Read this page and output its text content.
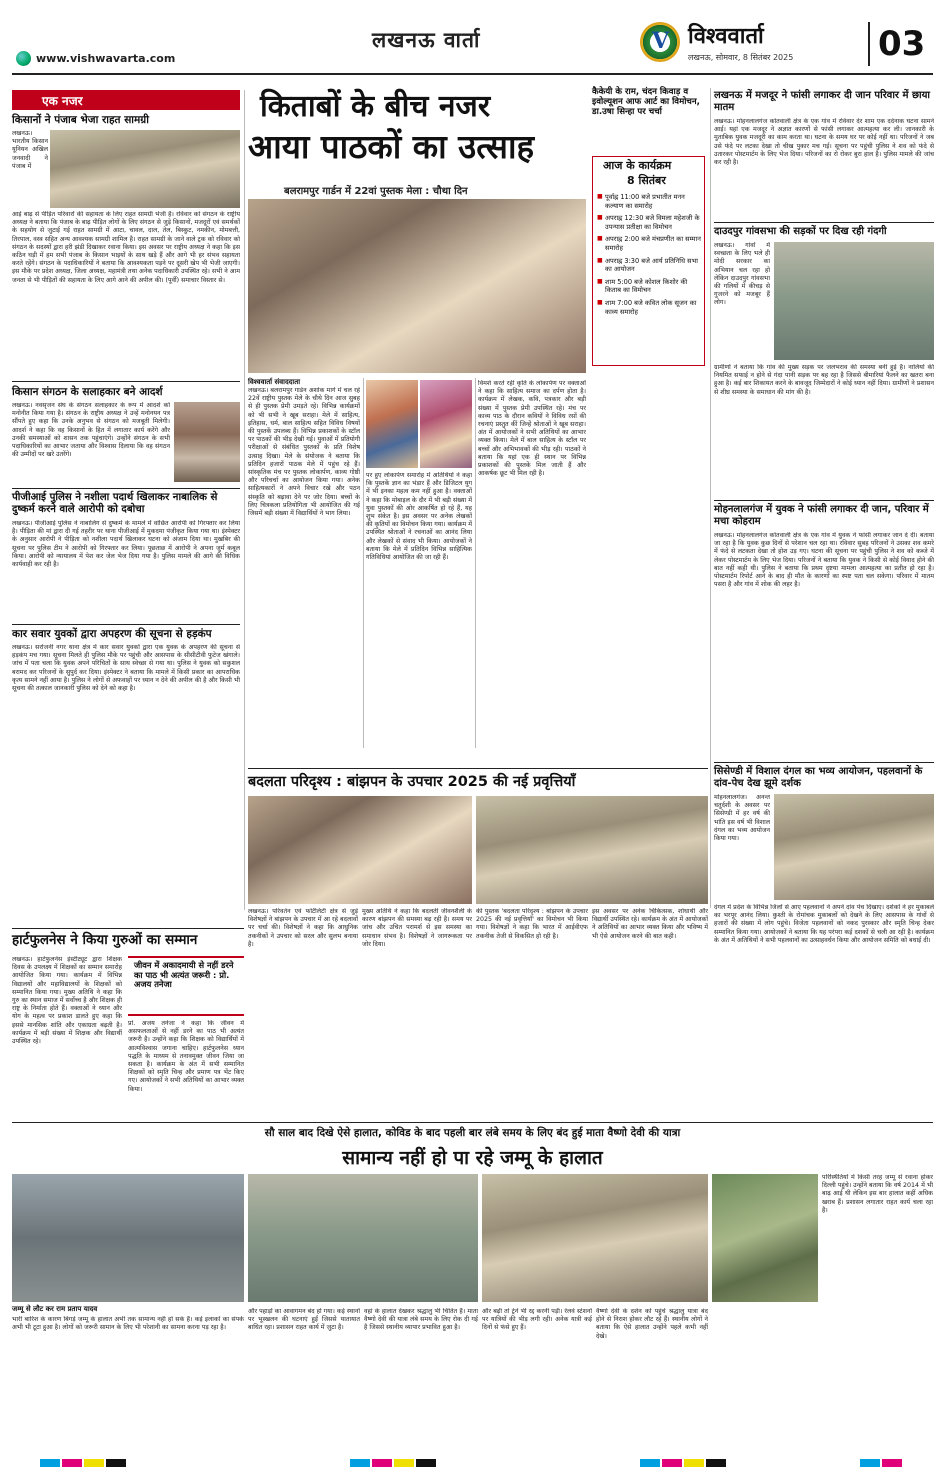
लखनऊ वार्ता
www.vishwavarta.com
V विश्ववार्ता
लखनऊ, सोमवार, 8 सितंबर 2025 03
एक नजर
किसानों ने पंजाब भेजा राहत सामग्री
लखनऊ। भारतीय किसान यूनियन अखिल जनवादी ने पंजाब में
आई बाढ़ से पीड़ित परिवारों की सहायता के लिए राहत सामग्री भेजी है। रविवार को संगठन के राष्ट्रीय अध्यक्ष ने बताया कि पंजाब के बाढ़ पीड़ित लोगों के लिए संगठन से जुड़े किसानों, मजदूरों एवं समर्थकों के सहयोग से जुटाई गई राहत सामग्री में आटा, चावल, दाल, तेल, बिस्कुट, नमकीन, मोमबत्ती, तिरपाल, वस्त्र सहित अन्य आवश्यक सामग्री शामिल है। राहत सामग्री के जाने वाले ट्रक को रविवार को संगठन के सदस्यों द्वारा हरी झंडी दिखाकर रवाना किया। इस अवसर पर राष्ट्रीय अध्यक्ष ने कहा कि इस कठिन घड़ी में हम सभी पंजाब के किसान भाइयों के साथ खड़े हैं और आगे भी हर संभव सहायता करते रहेंगे। संगठन के पदाधिकारियों ने बताया कि आवश्यकता पड़ने पर दूसरी खेप भी भेजी जाएगी। इस मौके पर प्रदेश अध्यक्ष, जिला अध्यक्ष, महामंत्री तथा अनेक पदाधिकारी उपस्थित रहे। सभी ने आम जनता से भी पीड़ितों की सहायता के लिए आगे आने की अपील की। (पूर्वी) समाचार विस्तार से।
किसान संगठन के सलाहकार बने आदर्श
लखनऊ। नवसृजन संघ के संगठन सलाहकार के रूप में आदर्श को मनोनीत किया गया है। संगठन के राष्ट्रीय अध्यक्ष ने उन्हें मनोनयन पत्र सौंपते हुए कहा कि उनके अनुभव से संगठन को मजबूती मिलेगी। आदर्श ने कहा कि वह किसानों के हित में लगातार कार्य करेंगे और उनकी समस्याओं को शासन तक पहुंचाएंगे। उन्होंने संगठन के सभी पदाधिकारियों का आभार जताया और विश्वास दिलाया कि वह संगठन की उम्मीदों पर खरे उतरेंगे।
पीजीआई पुलिस ने नशीला पदार्थ खिलाकर नाबालिक से दुष्कर्म करने वाले आरोपी को दबोचा
लखनऊ। पीजीआई पुलिस ने नाबालिग से दुष्कर्म के मामले में वांछित आरोपी को गिरफ्तार कर लिया है। पीड़िता की मां द्वारा दी गई तहरीर पर थाना पीजीआई में मुकदमा पंजीकृत किया गया था। इंस्पेक्टर के अनुसार आरोपी ने पीड़िता को नशीला पदार्थ खिलाकर घटना को अंजाम दिया था। मुखबिर की सूचना पर पुलिस टीम ने आरोपी को गिरफ्तार कर लिया। पूछताछ में आरोपी ने अपना जुर्म कबूल किया। आरोपी को न्यायालय में पेश कर जेल भेज दिया गया है। पुलिस मामले की आगे की विधिक कार्यवाही कर रही है।
कार सवार युवकों द्वारा अपहरण की सूचना से हड़कंप
लखनऊ। सरोजनी नगर थाना क्षेत्र में कार सवार युवकों द्वारा एक युवक के अपहरण की सूचना से हड़कंप मच गया। सूचना मिलते ही पुलिस मौके पर पहुंची और आसपास के सीसीटीवी फुटेज खंगाले। जांच में पता चला कि युवक अपने परिचितों के साथ स्वेच्छा से गया था। पुलिस ने युवक को सकुशल बरामद कर परिजनों के सुपुर्द कर दिया। इंस्पेक्टर ने बताया कि मामले में किसी प्रकार का आपराधिक कृत्य सामने नहीं आया है। पुलिस ने लोगों से अफवाहों पर ध्यान न देने की अपील की है और किसी भी सूचना की तत्काल जानकारी पुलिस को देने को कहा है।
किताबों के बीच नजर
आया पाठकों का उत्साह
बलरामपुर गार्डन में 22वां पुस्तक मेला : चौथा दिन
विश्ववार्ता संवाददाता
लखनऊ। बलरामपुर गार्डन अशोक मार्ग में चल रहे 22वें राष्ट्रीय पुस्तक मेले के चौथे दिन आज सुबह से ही पुस्तक प्रेमी उमड़ते रहे। विभिन्न कार्यक्रमों को भी सभी ने खूब सराहा। मेले में साहित्य, इतिहास, धर्म, बाल साहित्य सहित विविध विषयों की पुस्तकें उपलब्ध हैं। विभिन्न प्रकाशकों के स्टॉल पर पाठकों की भीड़ देखी गई। युवाओं में प्रतियोगी परीक्षाओं से संबंधित पुस्तकों के प्रति विशेष उत्साह दिखा। मेले के संयोजक ने बताया कि प्रतिदिन हजारों पाठक मेले में पहुंच रहे हैं। सांस्कृतिक मंच पर पुस्तक लोकार्पण, काव्य गोष्ठी और परिचर्चा का आयोजन किया गया। अनेक साहित्यकारों ने अपने विचार रखे और पठन संस्कृति को बढ़ावा देने पर जोर दिया। बच्चों के लिए चित्रकला प्रतियोगिता भी आयोजित की गई जिसमें बड़ी संख्या में विद्यार्थियों ने भाग लिया।
पर हुए लोकार्पण समारोह में अतिथियों ने कहा कि पुस्तकें ज्ञान का भंडार हैं और डिजिटल युग में भी इनका महत्व कम नहीं हुआ है। वक्ताओं ने कहा कि मोबाइल के दौर में भी बड़ी संख्या में युवा पुस्तकों की ओर आकर्षित हो रहे हैं, यह शुभ संकेत है। इस अवसर पर अनेक लेखकों की कृतियों का विमोचन किया गया। कार्यक्रम में उपस्थित श्रोताओं ने रचनाओं का आनंद लिया और लेखकों से संवाद भी किया। आयोजकों ने बताया कि मेले में प्रतिदिन विभिन्न साहित्यिक गतिविधियां आयोजित की जा रही हैं।
विमर्श करते रही कृति के लोकार्पण पर वक्ताओं ने कहा कि साहित्य समाज का दर्पण होता है। कार्यक्रम में लेखक, कवि, पत्रकार और बड़ी संख्या में पुस्तक प्रेमी उपस्थित रहे। मंच पर काव्य पाठ के दौरान कवियों ने विविध रसों की रचनाएं प्रस्तुत कीं जिन्हें श्रोताओं ने खूब सराहा। अंत में आयोजकों ने सभी अतिथियों का आभार व्यक्त किया। मेले में बाल साहित्य के स्टॉल पर बच्चों और अभिभावकों की भीड़ रही। पाठकों ने बताया कि यहां एक ही स्थान पर विभिन्न प्रकाशकों की पुस्तकें मिल जाती हैं और आकर्षक छूट भी मिल रही है।
कैकेयी के राम, चंदन किवाड़ व इवोल्यूशन आफ आर्ट का विमोचन, डा.उषा सिन्हा पर चर्चा
आज के कार्यक्रम
8 सितंबर
■ पूर्वाह्न 11:00 बजे प्रभातीत मनन कल्याण का समारोह
■ अपराह्न 12:30 बजे विमला महेशजी के उपन्यास प्रतीक्षा का विमोचन
■ अपराह्न 2:00 बजे मंचप्रणीत का सम्मान समारोह
■ अपराह्न 3:30 बजे आर्य प्रतिनिधि सभा का आयोजन
■ शाम 5:00 बजे कोशल किशोर की किताब का विमोचन
■ शाम 7:00 बजे कवित लोक सूजन का काव्य समारोह
लखनऊ में मजदूर ने फांसी लगाकर दी जान परिवार में छाया मातम
लखनऊ। मोहनलालगंज कोतवाली क्षेत्र के एक गांव में रविवार देर शाम एक दर्दनाक घटना सामने आई। यहां एक मजदूर ने अज्ञात कारणों से फांसी लगाकर आत्महत्या कर ली। जानकारी के मुताबिक युवक मजदूरी का काम करता था। घटना के समय घर पर कोई नहीं था। परिजनों ने जब उसे फंदे पर लटका देखा तो चीख पुकार मच गई। सूचना पर पहुंची पुलिस ने शव को फंदे से उतारकर पोस्टमार्टम के लिए भेज दिया। परिजनों का रो रोकर बुरा हाल है। पुलिस मामले की जांच कर रही है।
दाउदपुर गांवसभा की सड़कों पर दिख रही गंदगी
लखनऊ। गांवों में स्वच्छता के लिए भले ही मोदी सरकार का अभियान चल रहा हो लेकिन दाउदपुर गांवसभा की गलियों में कीचड़ से गुजरने को मजबूर हैं लोग।
ग्रामीणों ने बताया कि गांव की मुख्य सड़क पर जलभराव की समस्या बनी हुई है। नालियों की नियमित सफाई न होने से गंदा पानी सड़क पर बह रहा है जिससे बीमारियां फैलने का खतरा बना हुआ है। कई बार शिकायत करने के बावजूद जिम्मेदारों ने कोई ध्यान नहीं दिया। ग्रामीणों ने प्रशासन से शीघ्र समस्या के समाधान की मांग की है।
मोहनलालगंज में युवक ने फांसी लगाकर दी जान, परिवार में मचा कोहराम
लखनऊ। मोहनलालगंज कोतवाली क्षेत्र के एक गांव में युवक ने फांसी लगाकर जान दे दी। बताया जा रहा है कि युवक कुछ दिनों से परेशान चल रहा था। रविवार सुबह परिजनों ने उसका शव कमरे में फंदे से लटकता देखा तो होश उड़ गए। घटना की सूचना पर पहुंची पुलिस ने शव को कब्जे में लेकर पोस्टमार्टम के लिए भेज दिया। परिजनों ने बताया कि युवक ने किसी से कोई विवाद होने की बात नहीं कही थी। पुलिस ने बताया कि प्रथम दृष्टया मामला आत्महत्या का प्रतीत हो रहा है। पोस्टमार्टम रिपोर्ट आने के बाद ही मौत के कारणों का स्पष्ट पता चल सकेगा। परिवार में मातम पसरा है और गांव में शोक की लहर है।
सिसेण्डी में विशाल दंगल का भव्य आयोजन, पहलवानों के दांव-पेच देख झूमे दर्शक
मोहनलालगंज। अनन्त चतुर्दशी के अवसर पर सिसेण्डी में हर वर्ष की भांति इस वर्ष भी विशाल दंगल का भव्य आयोजन किया गया।
दंगल में प्रदेश के विभिन्न जिलों से आए पहलवानों ने अपने दांव पेच दिखाए। दर्शकों ने हर मुकाबले का भरपूर आनंद लिया। कुश्ती के रोमांचक मुकाबलों को देखने के लिए आसपास के गांवों से हजारों की संख्या में लोग पहुंचे। विजेता पहलवानों को नकद पुरस्कार और स्मृति चिन्ह देकर सम्मानित किया गया। आयोजकों ने बताया कि यह परंपरा कई दशकों से चली आ रही है। कार्यक्रम के अंत में अतिथियों ने सभी पहलवानों का उत्साहवर्धन किया और आयोजन समिति को बधाई दी।
बदलता परिदृश्य : बांझपन के उपचार 2025 की नई प्रवृत्तियाँ
लखनऊ। परिवर्तन एवं फर्टिलिटी क्षेत्र से जुड़े विशेषज्ञों ने बांझपन के उपचार में आ रहे बदलावों पर चर्चा की। विशेषज्ञों ने कहा कि आधुनिक तकनीकों ने उपचार को सरल और सुलभ बनाया है।
मुख्य अतिथि ने कहा कि बदलती जीवनशैली के कारण बांझपन की समस्या बढ़ रही है। समय पर जांच और उचित परामर्श से इस समस्या का समाधान संभव है। विशेषज्ञों ने जागरूकता पर जोर दिया।
की पुस्तक 'बदलता परिदृश्य : बांझपन के उपचार 2025 की नई प्रवृत्तियाँ' का विमोचन भी किया गया। विशेषज्ञों ने कहा कि भारत में आईवीएफ तकनीक तेजी से विकसित हो रही है।
इस अवसर पर अनेक चिकित्सक, शोधार्थी और विद्यार्थी उपस्थित रहे। कार्यक्रम के अंत में आयोजकों ने अतिथियों का आभार व्यक्त किया और भविष्य में भी ऐसे आयोजन करने की बात कही।
हार्टफुलनेस ने किया गुरुओं का सम्मान
लखनऊ। हार्टफुलनेस इंस्टीट्यूट द्वारा शिक्षक दिवस के उपलक्ष्य में शिक्षकों का सम्मान समारोह आयोजित किया गया। कार्यक्रम में विभिन्न विद्यालयों और महाविद्यालयों के शिक्षकों को सम्मानित किया गया। मुख्य अतिथि ने कहा कि गुरु का स्थान समाज में सर्वोच्च है और शिक्षक ही राष्ट्र के निर्माता होते हैं। वक्ताओं ने ध्यान और योग के महत्व पर प्रकाश डालते हुए कहा कि इससे मानसिक शांति और एकाग्रता बढ़ती है। कार्यक्रम में बड़ी संख्या में शिक्षक और विद्यार्थी उपस्थित रहे।
जीवन में अकादमायी से नहीं डरने का पाठ भी अत्यंत जरूरी : प्रो. अजय तनेजा
प्रो. अजय तनेजा ने कहा कि जीवन में असफलताओं से नहीं डरने का पाठ भी अत्यंत जरूरी है। उन्होंने कहा कि शिक्षक को विद्यार्थियों में आत्मविश्वास जगाना चाहिए। हार्टफुलनेस ध्यान पद्धति के माध्यम से तनावमुक्त जीवन जिया जा सकता है। कार्यक्रम के अंत में सभी सम्मानित शिक्षकों को स्मृति चिन्ह और प्रमाण पत्र भेंट किए गए। आयोजकों ने सभी अतिथियों का आभार व्यक्त किया।
सौ साल बाद दिखे ऐसे हालात, कोविड के बाद पहली बार लंबे समय के लिए बंद हुई माता वैष्णो देवी की यात्रा
सामान्य नहीं हो पा रहे जम्मू के हालात
जम्मू से लौट कर राम प्रताप यादव
भारी बारिश के कारण बिगड़े जम्मू के हालात अभी तक सामान्य नहीं हो सके हैं। कई इलाकों का संपर्क अभी भी टूटा हुआ है। लोगों को जरूरी सामान के लिए भी परेशानी का सामना करना पड़ रहा है।
और पहाड़ों का आवागमन बंद हो गया। कई स्थानों पर भूस्खलन की घटनाएं हुईं जिससे यातायात बाधित रहा। प्रशासन राहत कार्य में जुटा है।
वहां के हालात देखकर श्रद्धालु भी चिंतित हैं। माता वैष्णो देवी की यात्रा लंबे समय के लिए रोक दी गई है जिससे स्थानीय व्यापार प्रभावित हुआ है।
और बढ़ी तो ट्रेनें भी रद्द करनी पड़ीं। रेलवे स्टेशनों पर यात्रियों की भीड़ लगी रही। अनेक यात्री कई दिनों से फंसे हुए हैं।
वैष्णो देवी के दर्शन को पहुंचे श्रद्धालु यात्रा बंद होने से निराश होकर लौट रहे हैं। स्थानीय लोगों ने बताया कि ऐसे हालात उन्होंने पहले कभी नहीं देखे।
परिस्थितियों में किसी तरह जम्मू से रवाना होकर दिल्ली पहुंचे। उन्होंने बताया कि वर्ष 2014 में भी बाढ़ आई थी लेकिन इस बार हालात कहीं अधिक खराब हैं। प्रशासन लगातार राहत कार्य चला रहा है।
